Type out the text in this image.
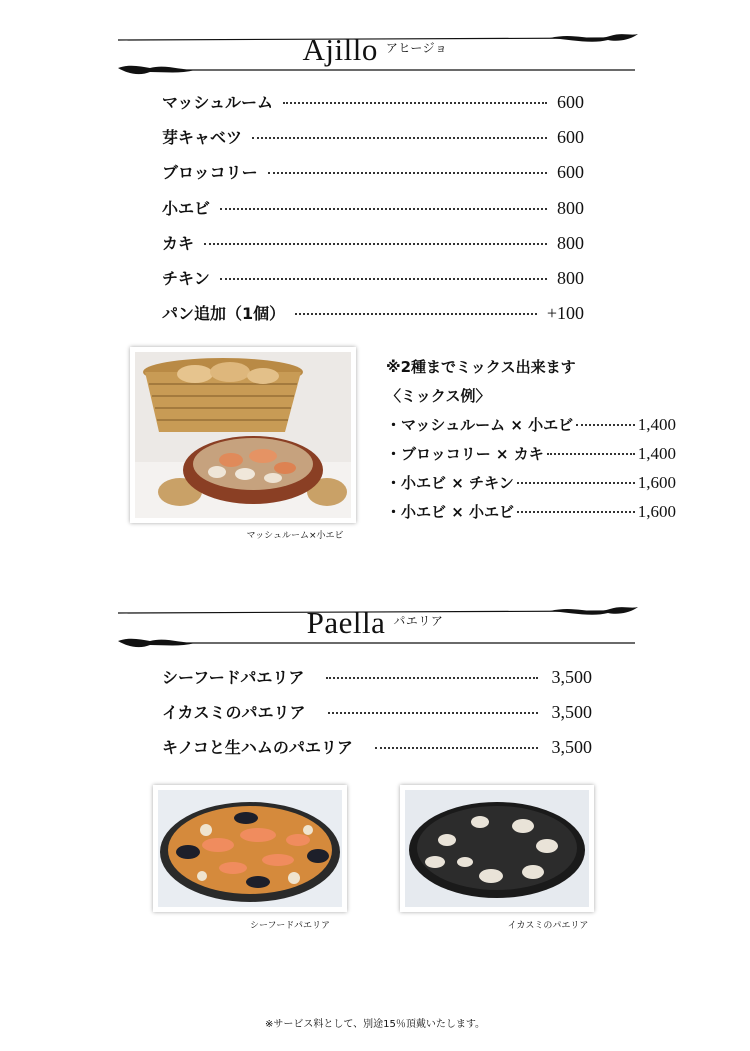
Ajillo $^{アヒージョ}$
マッシュルーム	600
芽キャベツ	600
ブロッコリー	600
小エビ	800
カキ	800
チキン	800
パン追加（1個）	+100
マッシュルーム×小エビ
※2種までミックス出来ます
〈ミックス例〉
・マッシュルーム × 小エビ	1,400
・ブロッコリー × カキ	1,400
・小エビ × チキン	1,600
・小エビ × 小エビ	1,600
Paella $^{パエリア}$
シーフードパエリア	3,500
イカスミのパエリア	3,500
キノコと生ハムのパエリア	3,500
シーフードパエリア	イカスミのパエリア
※サービス料として、別途15％頂戴いたします。
